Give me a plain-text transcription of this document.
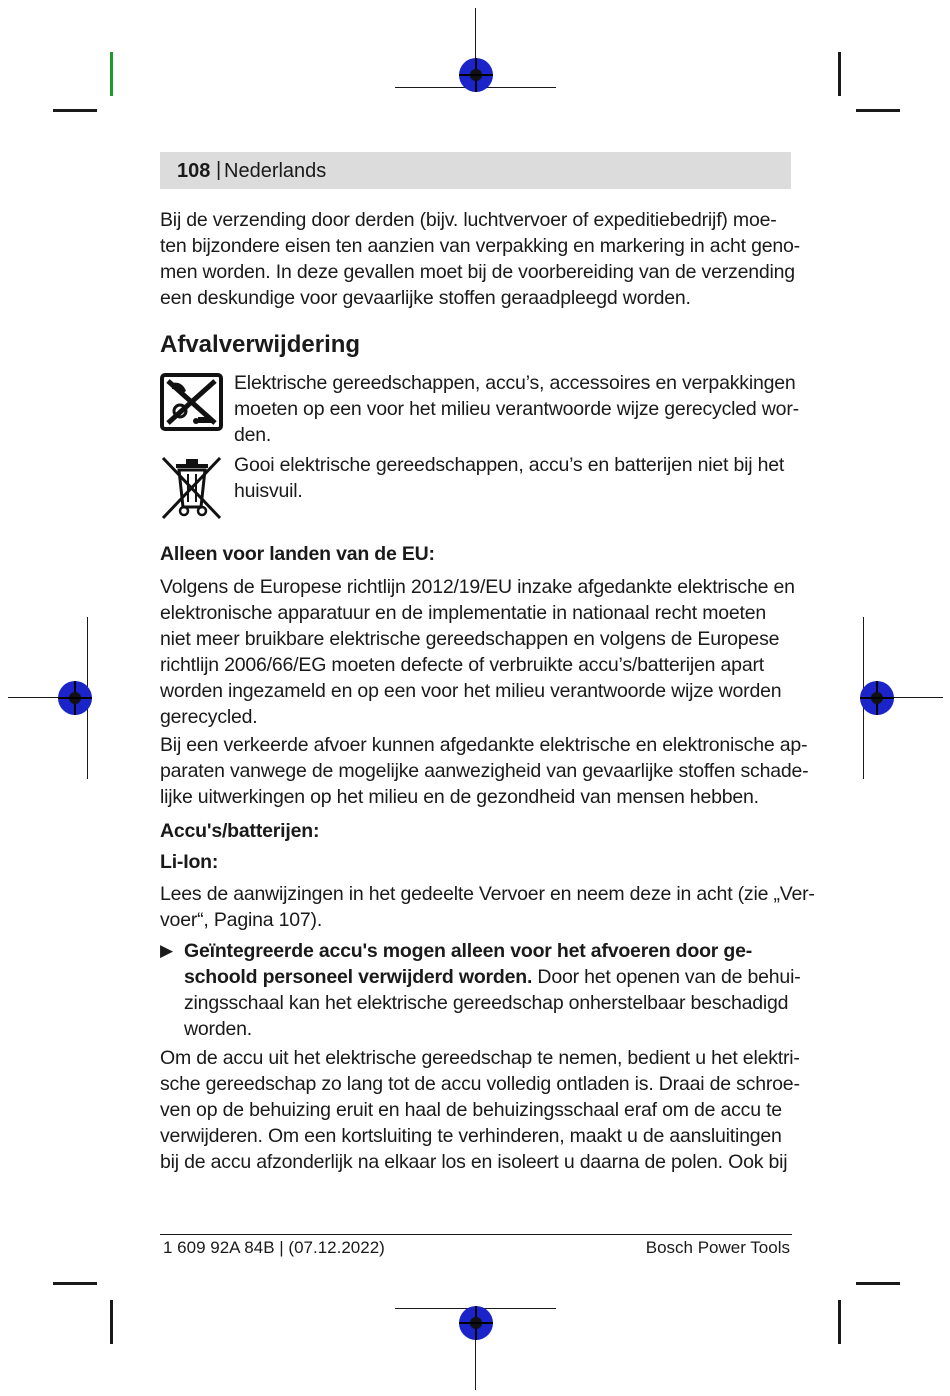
108 | Nederlands
Bij de verzending door derden (bijv. luchtvervoer of expeditiebedrijf) moe-
ten bijzondere eisen ten aanzien van verpakking en markering in acht geno-
men worden. In deze gevallen moet bij de voorbereiding van de verzending
een deskundige voor gevaarlijke stoffen geraadpleegd worden.
Afvalverwijdering
Elektrische gereedschappen, accu’s, accessoires en verpakkingen
moeten op een voor het milieu verantwoorde wijze gerecycled wor-
den.
Gooi elektrische gereedschappen, accu’s en batterijen niet bij het
huisvuil.
Alleen voor landen van de EU:
Volgens de Europese richtlijn 2012/19/EU inzake afgedankte elektrische en
elektronische apparatuur en de implementatie in nationaal recht moeten
niet meer bruikbare elektrische gereedschappen en volgens de Europese
richtlijn 2006/66/EG moeten defecte of verbruikte accu’s/batterijen apart
worden ingezameld en op een voor het milieu verantwoorde wijze worden
gerecycled.
Bij een verkeerde afvoer kunnen afgedankte elektrische en elektronische ap-
paraten vanwege de mogelijke aanwezigheid van gevaarlijke stoffen schade-
lijke uitwerkingen op het milieu en de gezondheid van mensen hebben.
Accu's/batterijen:
Li-Ion:
Lees de aanwijzingen in het gedeelte Vervoer en neem deze in acht (zie „Ver-
voer“, Pagina 107).
▶ Geïntegreerde accu's mogen alleen voor het afvoeren door ge-
schoold personeel verwijderd worden. Door het openen van de behui-
zingsschaal kan het elektrische gereedschap onherstelbaar beschadigd
worden.
Om de accu uit het elektrische gereedschap te nemen, bedient u het elektri-
sche gereedschap zo lang tot de accu volledig ontladen is. Draai de schroe-
ven op de behuizing eruit en haal de behuizingsschaal eraf om de accu te
verwijderen. Om een kortsluiting te verhinderen, maakt u de aansluitingen
bij de accu afzonderlijk na elkaar los en isoleert u daarna de polen. Ook bij
1 609 92A 84B | (07.12.2022)	Bosch Power Tools
